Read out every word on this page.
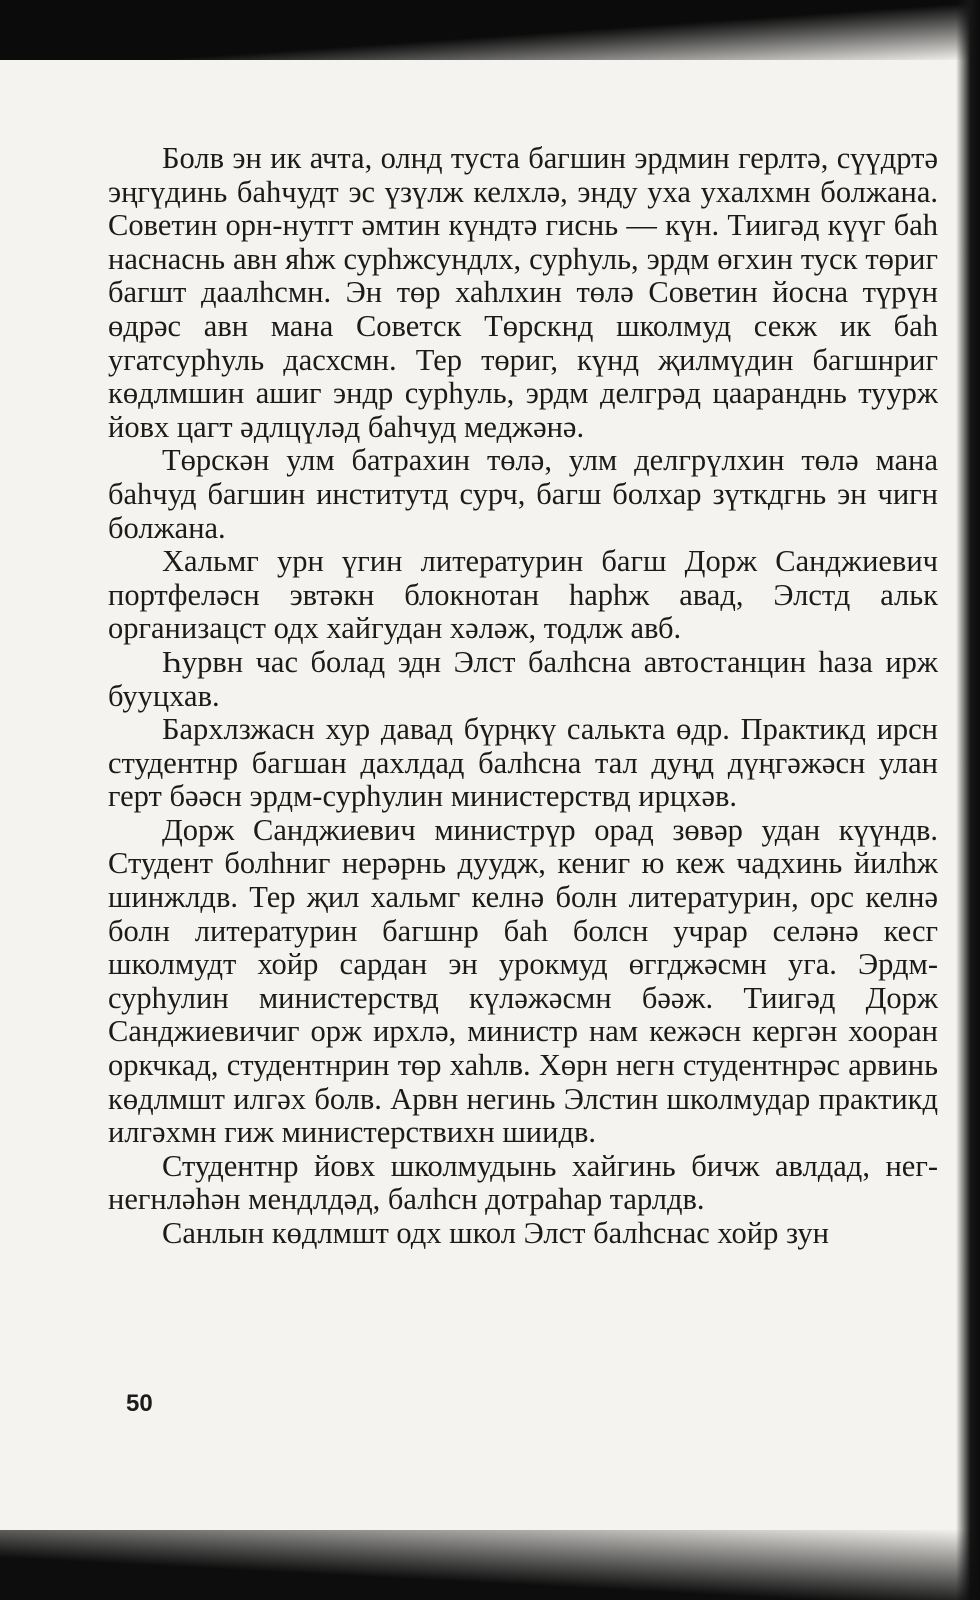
Болв эн ик ачта, олнд туста багшин эрдмин герлтә, сүүдртә эңгүдинь баhчудт эс үзүлж келхлә, энду уха ухалхмн болжана. Советин орн-нутгт әмтин күндтә гиснь — күн. Тиигәд күүг баh наснаснь авн яhж сурhжсундлх, сурhуль, эрдм өгхин туск төриг багшт даалhсмн. Эн төр хаhлхин төлә Советин йосна түрүн өдрәс авн мана Советск Төрскнд школмуд секж ик баh угатсурhуль дасхсмн. Тер төриг, күнд җилмүдин багшнриг көдлмшин ашиг эндр сурhуль, эрдм делгрәд цааранднь туурж йовх цагт әдлцүләд баhчуд меджәнә.

Төрскән улм батрахин төлә, улм делгрүлхин төлә мана баhчуд багшин институтд сурч, багш болхар зүткдгнь эн чигн болжана.

Хальмг урн үгин литературин багш Дорж Санджиевич портфеләсн эвтәкн блокнотан hарhж авад, Элстд альк организацст одх хайгудан хәләж, тодлж авб.

Һурвн час болад эдн Элст балhсна автостанцин hаза ирж бууцхав.

Бархлзжасн хур давад бүрңкү салькта өдр. Практикд ирсн студентнр багшан дахлдад балhсна тал дуңд дүңгәжәсн улан герт бәәсн эрдм-сурhулин министерствд ирцхәв.

Дорж Санджиевич министрүр орад зөвәр удан күүндв. Студент болhниг нерәрнь дуудж, кениг ю кеж чадхинь йилhж шинжлдв. Тер җил хальмг келнә болн литературин, орс келнә болн литературин багшнр баh болсн учрар селәнә кесг школмудт хойр сардан эн урокмуд өггджәсмн уга. Эрдм-сурhулин министерствд күләжәсмн бәәж. Тиигәд Дорж Санджиевичиг орж ирхлә, министр нам кежәсн кергән хооран оркчкад, студентнрин төр хаhлв. Хөрн негн студентнрәс арвинь көдлмшт илгәх болв. Арвн негинь Элстин школмудар практикд илгәхмн гиж министерствихн шиидв.

Студентнр йовх школмудынь хайгинь бичж авлдад, нег-негнләhән мендлдәд, балhсн дотраhар тарлдв.

Санлын көдлмшт одх школ Элст балhснас хойр зун

50
